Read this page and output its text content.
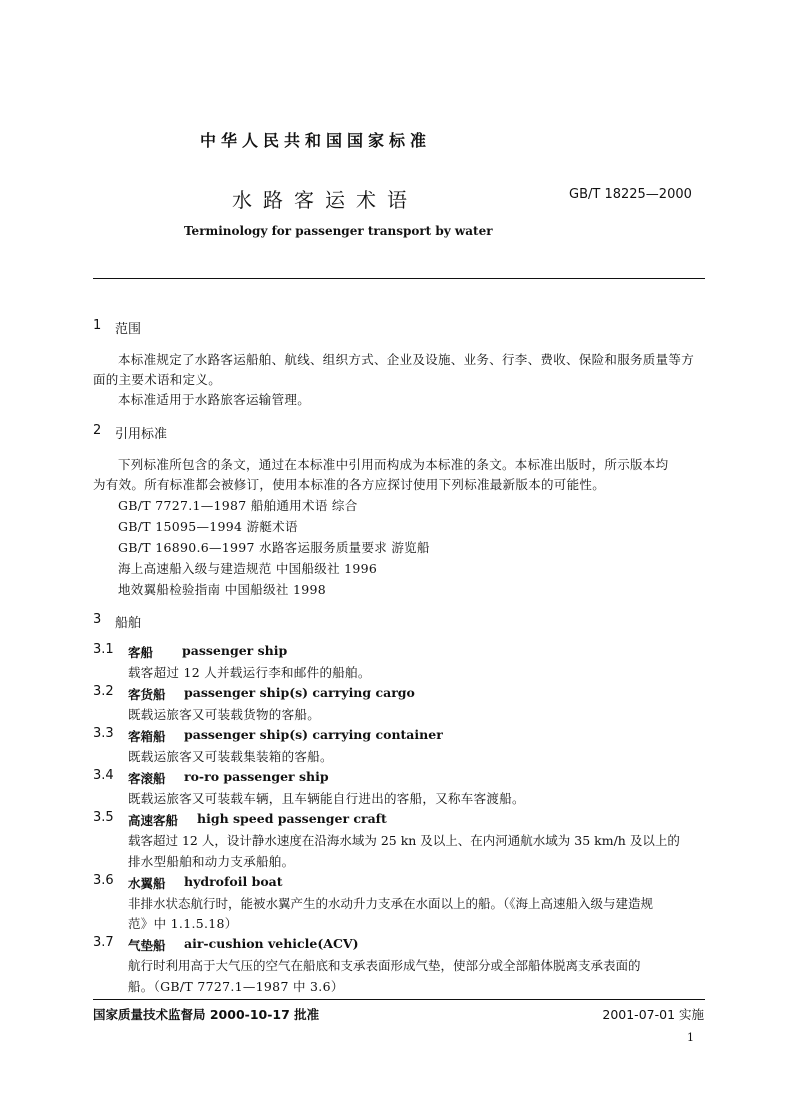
中华人民共和国国家标准
水路客运术语	GB/T 18225—2000
Terminology for passenger transport by water
1 范围
本标准规定了水路客运船舶、航线、组织方式、企业及设施、业务、行李、费收、保险和服务质量等方
面的主要术语和定义。
本标准适用于水路旅客运输管理。
2 引用标准
下列标准所包含的条文，通过在本标准中引用而构成为本标准的条文。本标准出版时，所示版本均
为有效。所有标准都会被修订，使用本标准的各方应探讨使用下列标准最新版本的可能性。
GB/T 7727.1—1987 船舶通用术语 综合
GB/T 15095—1994 游艇术语
GB/T 16890.6—1997 水路客运服务质量要求 游览船
海上高速船入级与建造规范 中国船级社 1996
地效翼船检验指南 中国船级社 1998
3 船舶
3.1 客船 passenger ship
载客超过 12 人并载运行李和邮件的船舶。
3.2 客货船 passenger ship(s) carrying cargo
既载运旅客又可装载货物的客船。
3.3 客箱船 passenger ship(s) carrying container
既载运旅客又可装载集装箱的客船。
3.4 客滚船 ro-ro passenger ship
既载运旅客又可装载车辆，且车辆能自行进出的客船，又称车客渡船。
3.5 高速客船 high speed passenger craft
载客超过 12 人，设计静水速度在沿海水域为 25 kn 及以上、在内河通航水域为 35 km/h 及以上的
排水型船舶和动力支承船舶。
3.6 水翼船 hydrofoil boat
非排水状态航行时，能被水翼产生的水动升力支承在水面以上的船。（《海上高速船入级与建造规
范》中 1.1.5.18）
3.7 气垫船 air-cushion vehicle(ACV)
航行时利用高于大气压的空气在船底和支承表面形成气垫，使部分或全部船体脱离支承表面的
船。（GB/T 7727.1—1987 中 3.6）
国家质量技术监督局 2000-10-17 批准	2001-07-01 实施
1
